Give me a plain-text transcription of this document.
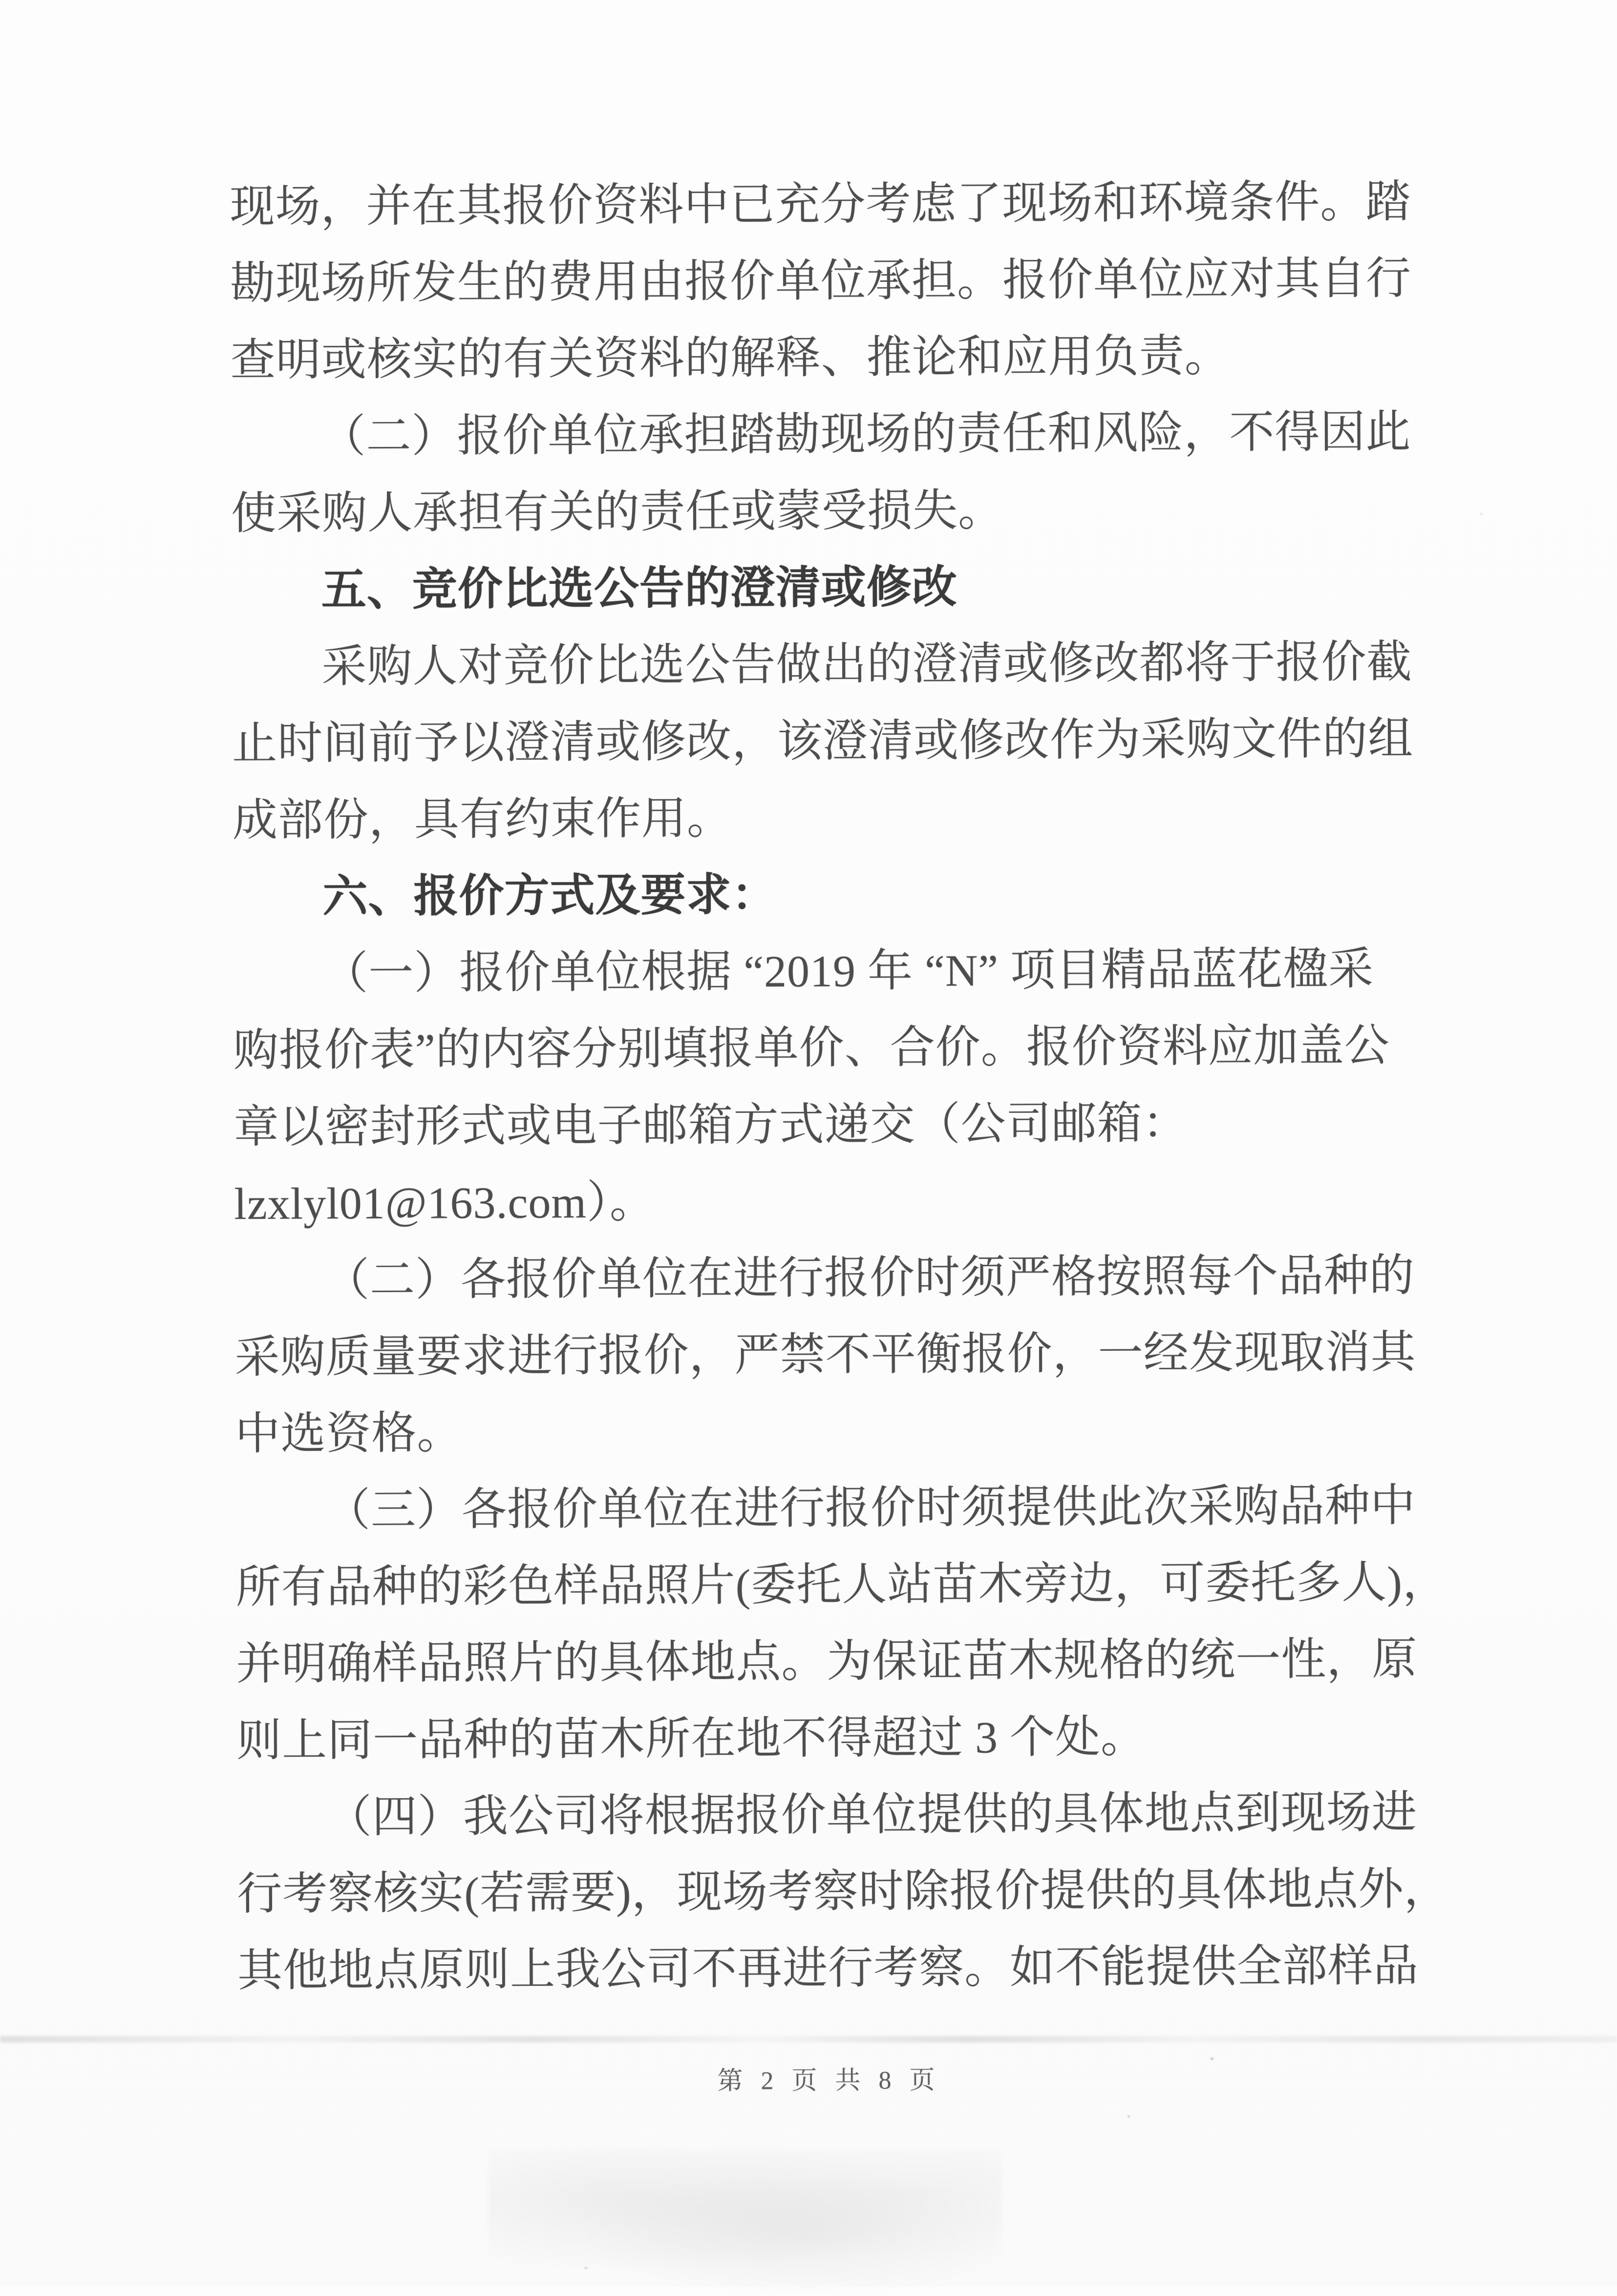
现场，并在其报价资料中已充分考虑了现场和环境条件。踏
勘现场所发生的费用由报价单位承担。报价单位应对其自行
查明或核实的有关资料的解释、推论和应用负责。
（二）报价单位承担踏勘现场的责任和风险，不得因此
使采购人承担有关的责任或蒙受损失。
五、竞价比选公告的澄清或修改
采购人对竞价比选公告做出的澄清或修改都将于报价截
止时间前予以澄清或修改，该澄清或修改作为采购文件的组
成部份，具有约束作用。
六、报价方式及要求：
（一）报价单位根据 “2019 年 “N” 项目精品蓝花楹采
购报价表”的内容分别填报单价、合价。报价资料应加盖公
章以密封形式或电子邮箱方式递交（公司邮箱：
lzxlyl01@163.com）。
（二）各报价单位在进行报价时须严格按照每个品种的
采购质量要求进行报价，严禁不平衡报价，一经发现取消其
中选资格。
（三）各报价单位在进行报价时须提供此次采购品种中
所有品种的彩色样品照片(委托人站苗木旁边，可委托多人)，
并明确样品照片的具体地点。为保证苗木规格的统一性，原
则上同一品种的苗木所在地不得超过 3 个处。
（四）我公司将根据报价单位提供的具体地点到现场进
行考察核实(若需要)，现场考察时除报价提供的具体地点外，
其他地点原则上我公司不再进行考察。如不能提供全部样品
第 2 页 共 8 页
